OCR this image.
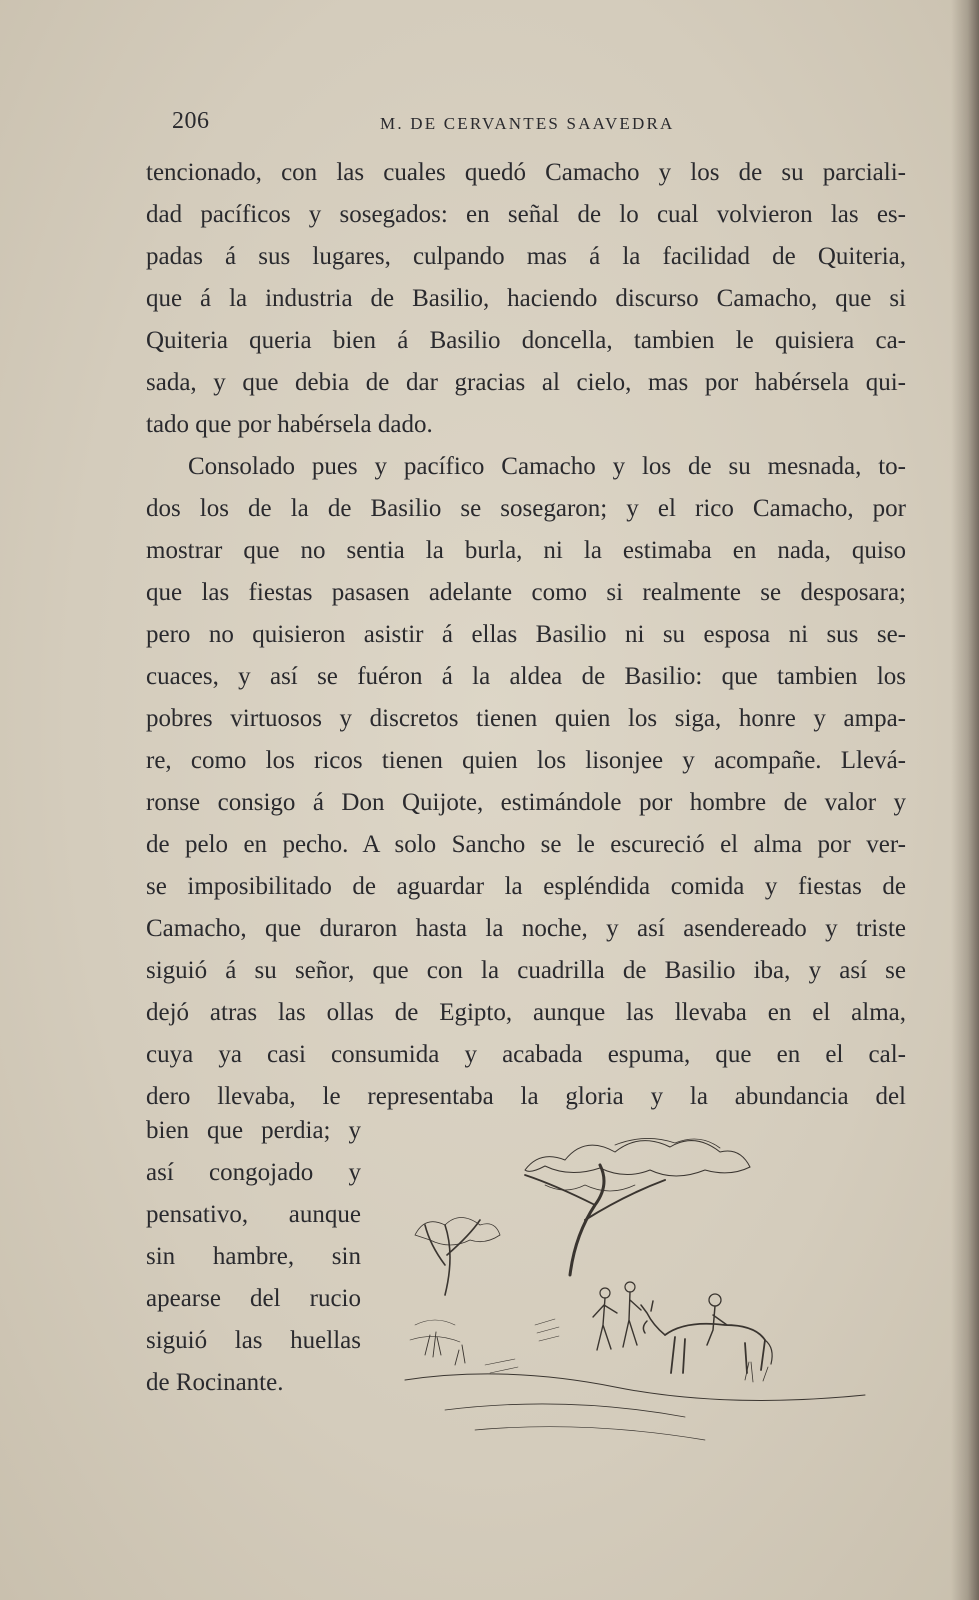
206	M. DE CERVANTES SAAVEDRA
tencionado, con las cuales quedó Camacho y los de su parciali-
dad pacíficos y sosegados: en señal de lo cual volvieron las es-
padas á sus lugares, culpando mas á la facilidad de Quiteria,
que á la industria de Basilio, haciendo discurso Camacho, que si
Quiteria queria bien á Basilio doncella, tambien le quisiera ca-
sada, y que debia de dar gracias al cielo, mas por habérsela qui-
tado que por habérsela dado.
Consolado pues y pacífico Camacho y los de su mesnada, to-
dos los de la de Basilio se sosegaron; y el rico Camacho, por
mostrar que no sentia la burla, ni la estimaba en nada, quiso
que las fiestas pasasen adelante como si realmente se desposara;
pero no quisieron asistir á ellas Basilio ni su esposa ni sus se-
cuaces, y así se fuéron á la aldea de Basilio: que tambien los
pobres virtuosos y discretos tienen quien los siga, honre y ampa-
re, como los ricos tienen quien los lisonjee y acompañe. Llevá-
ronse consigo á Don Quijote, estimándole por hombre de valor y
de pelo en pecho. A solo Sancho se le escureció el alma por ver-
se imposibilitado de aguardar la espléndida comida y fiestas de
Camacho, que duraron hasta la noche, y así asendereado y triste
siguió á su señor, que con la cuadrilla de Basilio iba, y así se
dejó atras las ollas de Egipto, aunque las llevaba en el alma,
cuya ya casi consumida y acabada espuma, que en el cal-
dero llevaba, le representaba la gloria y la abundancia del
bien que perdia; y
así congojado y
pensativo, aunque
sin hambre, sin
apearse del rucio
siguió las huellas
de Rocinante.
